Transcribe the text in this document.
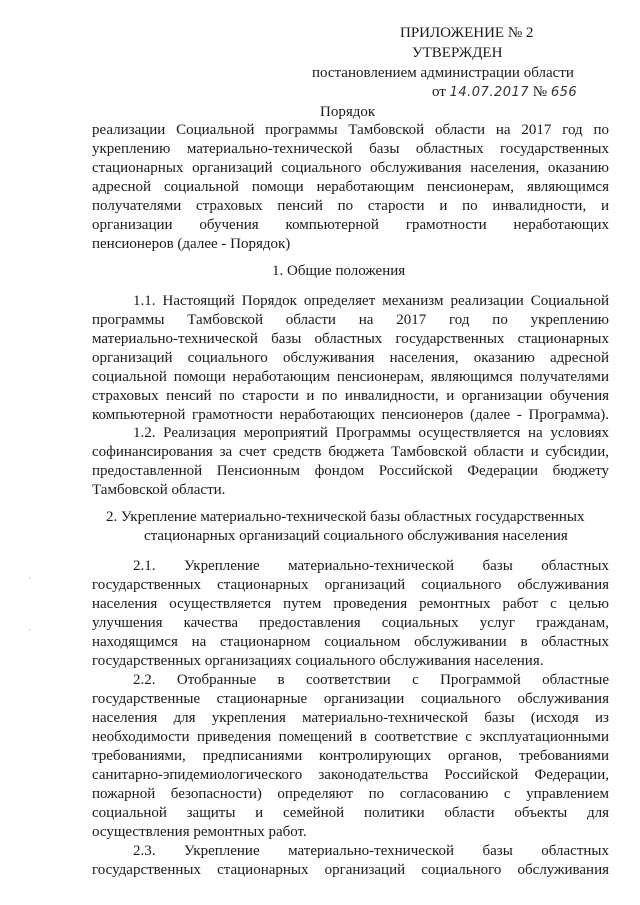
ПРИЛОЖЕНИЕ № 2
УТВЕРЖДЕН
постановлением администрации области
от 14.07.2017 № 656
Порядок
реализации Социальной программы Тамбовской области на 2017 год по
укреплению материально-технической базы областных государственных
стационарных организаций социального обслуживания населения, оказанию
адресной социальной помощи неработающим пенсионерам, являющимся
получателями страховых пенсий по старости и по инвалидности, и
организации обучения компьютерной грамотности неработающих
пенсионеров (далее - Порядок)
1. Общие положения
1.1. Настоящий Порядок определяет механизм реализации Социальной
программы Тамбовской области на 2017 год по укреплению
материально-технической базы областных государственных стационарных
организаций социального обслуживания населения, оказанию адресной
социальной помощи неработающим пенсионерам, являющимся получателями
страховых пенсий по старости и по инвалидности, и организации обучения
компьютерной грамотности неработающих пенсионеров (далее - Программа).
1.2. Реализация мероприятий Программы осуществляется на условиях
софинансирования за счет средств бюджета Тамбовской области и субсидии,
предоставленной Пенсионным фондом Российской Федерации бюджету
Тамбовской области.
2. Укрепление материально-технической базы областных государственных
стационарных организаций социального обслуживания населения
2.1. Укрепление материально-технической базы областных
государственных стационарных организаций социального обслуживания
населения осуществляется путем проведения ремонтных работ с целью
улучшения качества предоставления социальных услуг гражданам,
находящимся на стационарном социальном обслуживании в областных
государственных организациях социального обслуживания населения.
2.2. Отобранные в соответствии с Программой областные
государственные стационарные организации социального обслуживания
населения для укрепления материально-технической базы (исходя из
необходимости приведения помещений в соответствие с эксплуатационными
требованиями, предписаниями контролирующих органов, требованиями
санитарно-эпидемиологического законодательства Российской Федерации,
пожарной безопасности) определяют по согласованию с управлением
социальной защиты и семейной политики области объекты для
осуществления ремонтных работ.
2.3. Укрепление материально-технической базы областных
государственных стационарных организаций социального обслуживания
·
·
